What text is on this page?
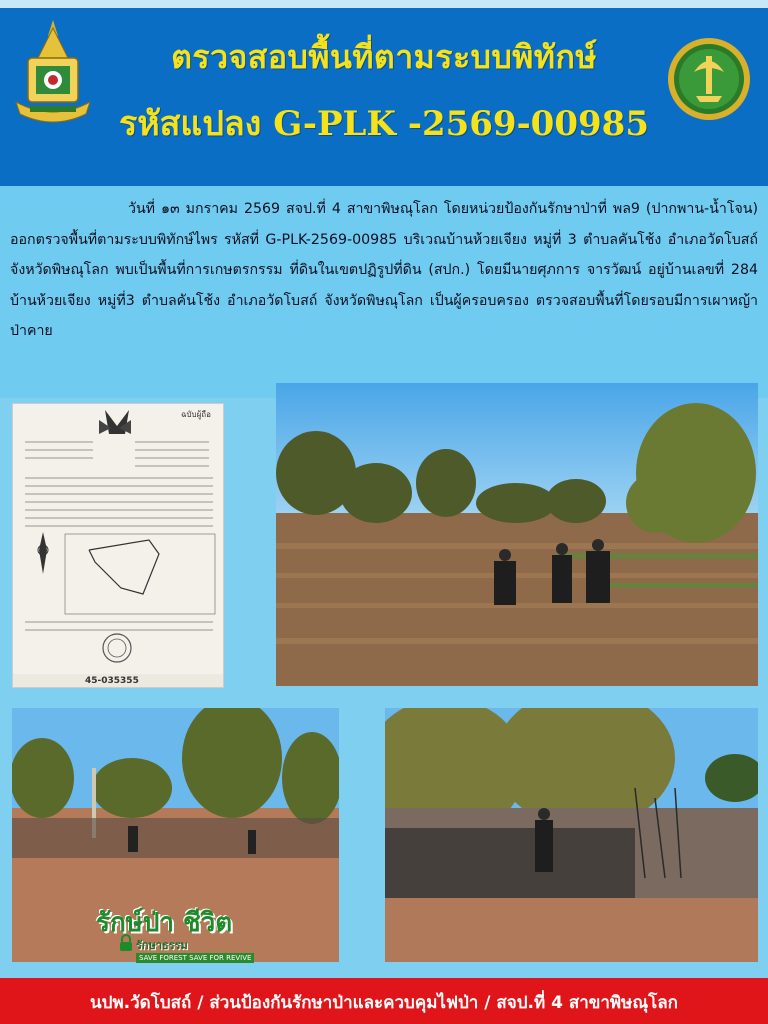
ตรวจสอบพื้นที่ตามระบบพิทักษ์
รหัสแปลง G-PLK -2569-00985

วันที่ ๑๓ มกราคม 2569 สจป.ที่ 4 สาขาพิษณุโลก โดยหน่วยป้องกันรักษาป่าที่ พล9 (ปากพาน-น้ำโจน) ออกตรวจพื้นที่ตามระบบพิทักษ์ไพร รหัสที่ G-PLK-2569-00985 บริเวณบ้านห้วยเจียง หมู่ที่ 3 ตำบลคันโช้ง อำเภอวัดโบสถ์ จังหวัดพิษณุโลก พบเป็นพื้นที่การเกษตรกรรม ที่ดินในเขตปฏิรูปที่ดิน (สปก.) โดยมีนายศุภการ จารวัฒน์ อยู่บ้านเลขที่ 284 บ้านห้วยเจียง หมู่ที่3 ตำบลคันโช้ง อำเภอวัดโบสถ์ จังหวัดพิษณุโลก เป็นผู้ครอบครอง ตรวจสอบพื้นที่โดยรอบมีการเผาหญ้าป่าคาย

ฉบับผู้ถือ
45-035355
รักษ์ป่า ชีวิต
รักษาธรรม
SAVE FOREST SAVE FOR REVIVE
นปพ.วัดโบสถ์ / ส่วนป้องกันรักษาป่าและควบคุมไฟป่า / สจป.ที่ 4 สาขาพิษณุโลก
